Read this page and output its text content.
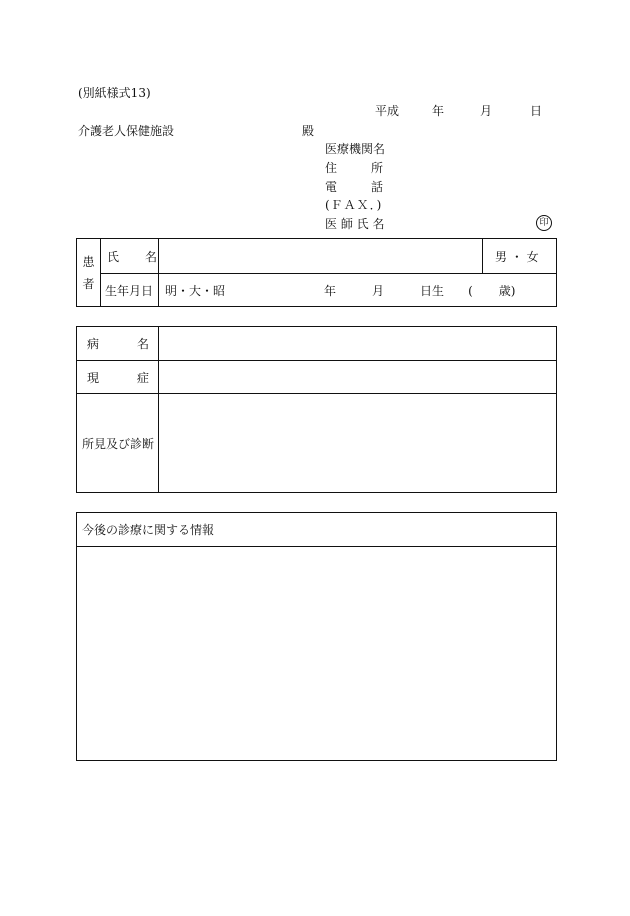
(別紙様式13)
平成	年	月	日
介護老人保健施設	殿
医療機関名
住	所
電	話
(ＦＡＸ．)
医 師 氏 名	印
患
者	氏 名		男 ・ 女
	生年月日	明・大・昭 年 月 日生 ( 歳)	
病 名	
現 症	
所見及び診断	
今後の診療に関する情報
